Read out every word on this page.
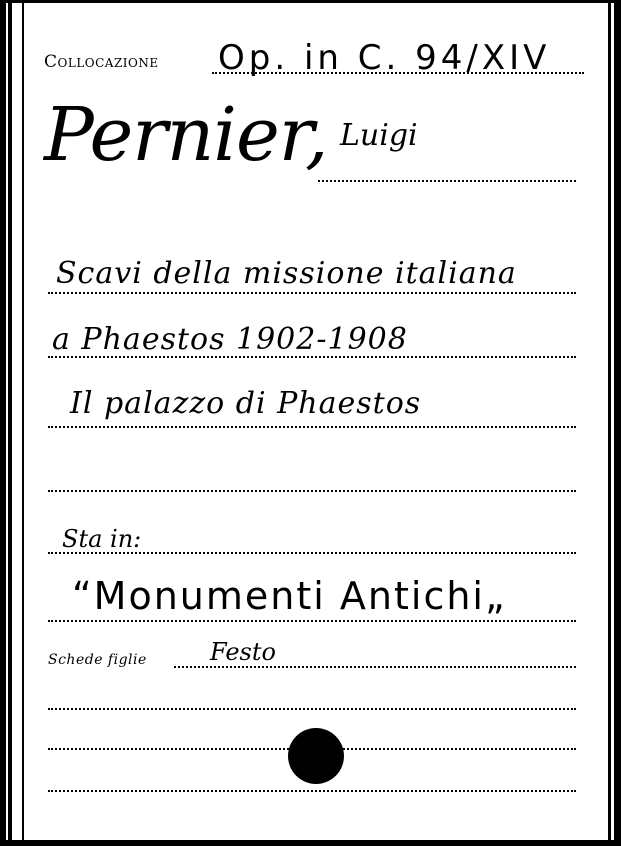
Collocazione Op. in C. 94/XIV
Pernier, Luigi
Scavi della missione italiana
a Phaestos 1902-1908
Il palazzo di Phaestos
Sta in:
“Monumenti Antichi„
Schede figlie	Festo
